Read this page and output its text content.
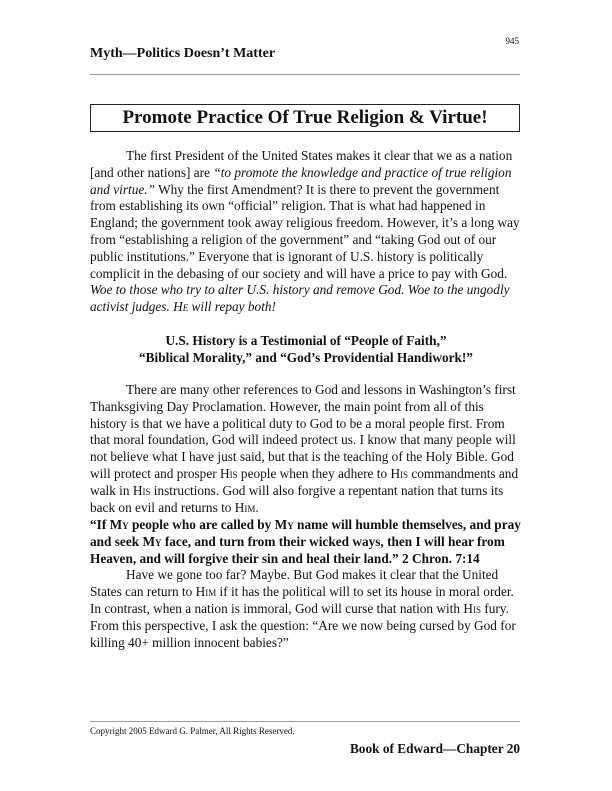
945
Myth—Politics Doesn’t Matter
Promote Practice Of True Religion & Virtue!

The first President of the United States makes it clear that we as a nation [and other nations] are “to promote the knowledge and practice of true religion and virtue.” Why the first Amendment? It is there to prevent the government from establishing its own “official” religion. That is what had happened in England; the government took away religious freedom. However, it’s a long way from “establishing a religion of the government” and “taking God out of our public institutions.” Everyone that is ignorant of U.S. history is politically complicit in the debasing of our society and will have a price to pay with God. Woe to those who try to alter U.S. history and remove God. Woe to the ungodly activist judges. He will repay both!

U.S. History is a Testimonial of “People of Faith,”
“Biblical Morality,” and “God’s Providential Handiwork!”

There are many other references to God and lessons in Washington’s first Thanksgiving Day Proclamation. However, the main point from all of this history is that we have a political duty to God to be a moral people first. From that moral foundation, God will indeed protect us. I know that many people will not believe what I have just said, but that is the teaching of the Holy Bible. God will protect and prosper His people when they adhere to His commandments and walk in His instructions. God will also forgive a repentant nation that turns its back on evil and returns to Him.

“If My people who are called by My name will humble themselves, and pray and seek My face, and turn from their wicked ways, then I will hear from Heaven, and will forgive their sin and heal their land.” 2 Chron. 7:14

Have we gone too far? Maybe. But God makes it clear that the United States can return to Him if it has the political will to set its house in moral order. In contrast, when a nation is immoral, God will curse that nation with His fury. From this perspective, I ask the question: “Are we now being cursed by God for killing 40+ million innocent babies?”

Copyright 2005 Edward G. Palmer, All Rights Reserved.
Book of Edward—Chapter 20
